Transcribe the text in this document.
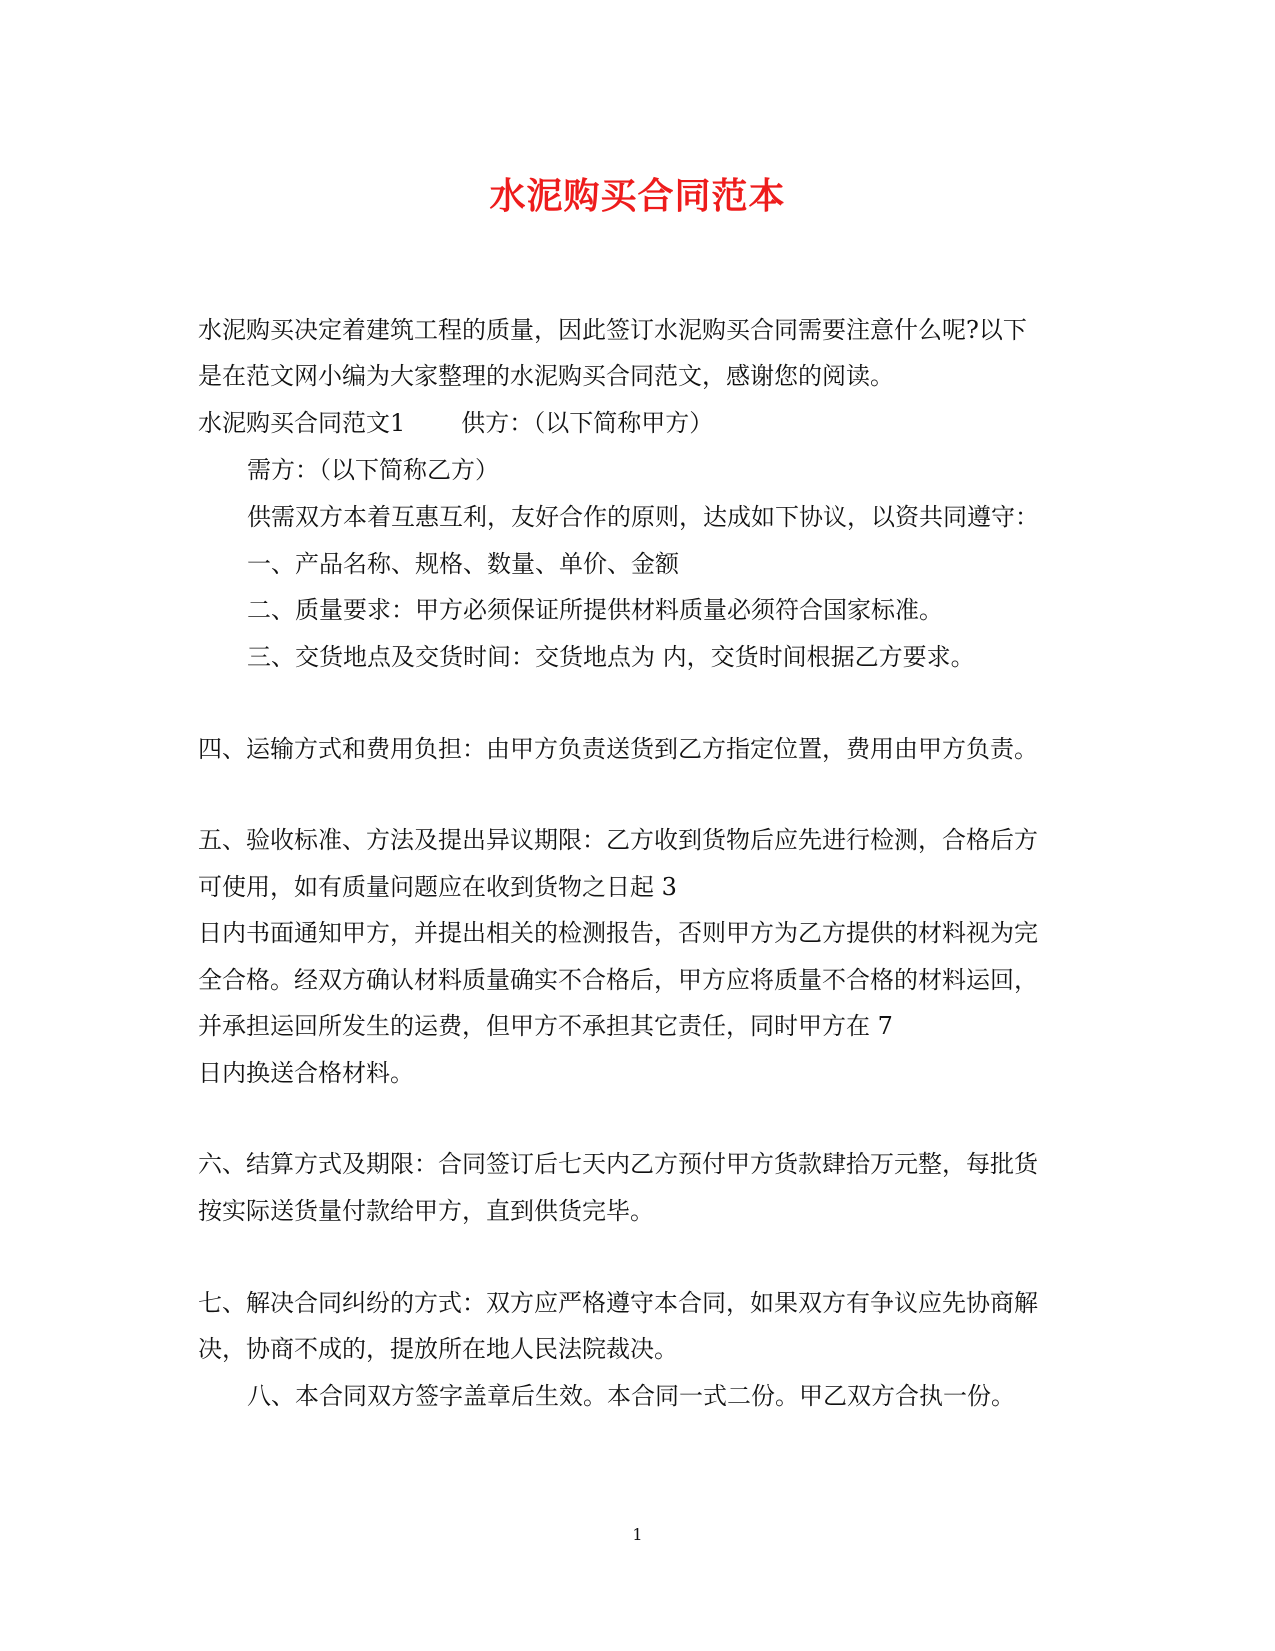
水泥购买合同范本
水泥购买决定着建筑工程的质量，因此签订水泥购买合同需要注意什么呢?以下
是在范文网小编为大家整理的水泥购买合同范文，感谢您的阅读。
水泥购买合同范文1 供方：（以下简称甲方）
需方：（以下简称乙方）
供需双方本着互惠互利，友好合作的原则，达成如下协议，以资共同遵守：
一、产品名称、规格、数量、单价、金额
二、质量要求：甲方必须保证所提供材料质量必须符合国家标准。
三、交货地点及交货时间：交货地点为 内，交货时间根据乙方要求。
四、运输方式和费用负担：由甲方负责送货到乙方指定位置，费用由甲方负责。
五、验收标准、方法及提出异议期限：乙方收到货物后应先进行检测，合格后方
可使用，如有质量问题应在收到货物之日起 3
日内书面通知甲方，并提出相关的检测报告，否则甲方为乙方提供的材料视为完
全合格。经双方确认材料质量确实不合格后，甲方应将质量不合格的材料运回，
并承担运回所发生的运费，但甲方不承担其它责任，同时甲方在 7
日内换送合格材料。
六、结算方式及期限：合同签订后七天内乙方预付甲方货款肆拾万元整，每批货
按实际送货量付款给甲方，直到供货完毕。
七、解决合同纠纷的方式：双方应严格遵守本合同，如果双方有争议应先协商解
决，协商不成的，提放所在地人民法院裁决。
八、本合同双方签字盖章后生效。本合同一式二份。甲乙双方合执一份。
1
